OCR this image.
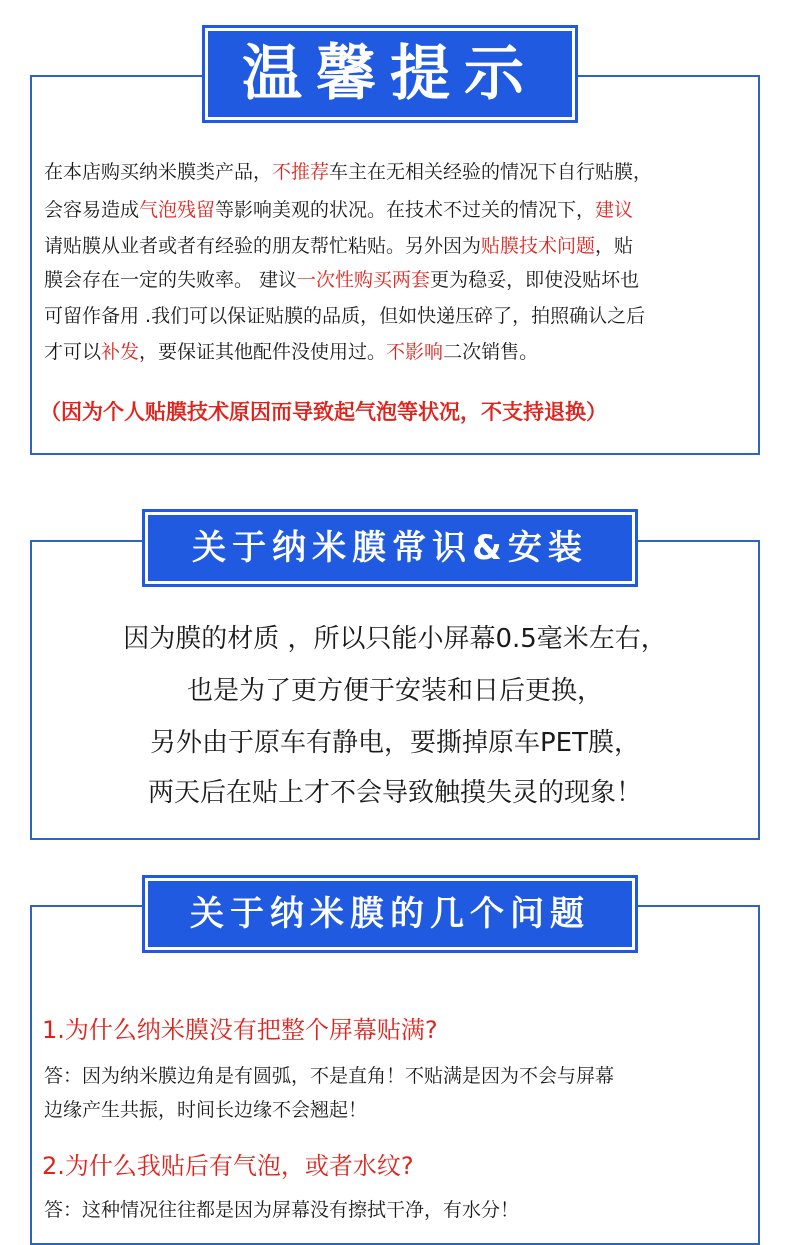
温馨提示
在本店购买纳米膜类产品，不推荐车主在无相关经验的情况下自行贴膜，
会容易造成气泡残留等影响美观的状况。在技术不过关的情况下，建议
请贴膜从业者或者有经验的朋友帮忙粘贴。另外因为贴膜技术问题，贴
膜会存在一定的失败率。 建议一次性购买两套更为稳妥，即使没贴坏也
可留作备用 .我们可以保证贴膜的品质，但如快递压碎了，拍照确认之后
才可以补发，要保证其他配件没使用过。不影响二次销售。
（因为个人贴膜技术原因而导致起气泡等状况，不支持退换）
关于纳米膜常识&安装
因为膜的材质 ，所以只能小屏幕0.5毫米左右，
也是为了更方便于安装和日后更换，
另外由于原车有静电，要撕掉原车PET膜，
两天后在贴上才不会导致触摸失灵的现象！
关于纳米膜的几个问题
1.为什么纳米膜没有把整个屏幕贴满?
答：因为纳米膜边角是有圆弧，不是直角！不贴满是因为不会与屏幕
边缘产生共振，时间长边缘不会翘起！
2.为什么我贴后有气泡，或者水纹?
答：这种情况往往都是因为屏幕没有擦拭干净，有水分！
